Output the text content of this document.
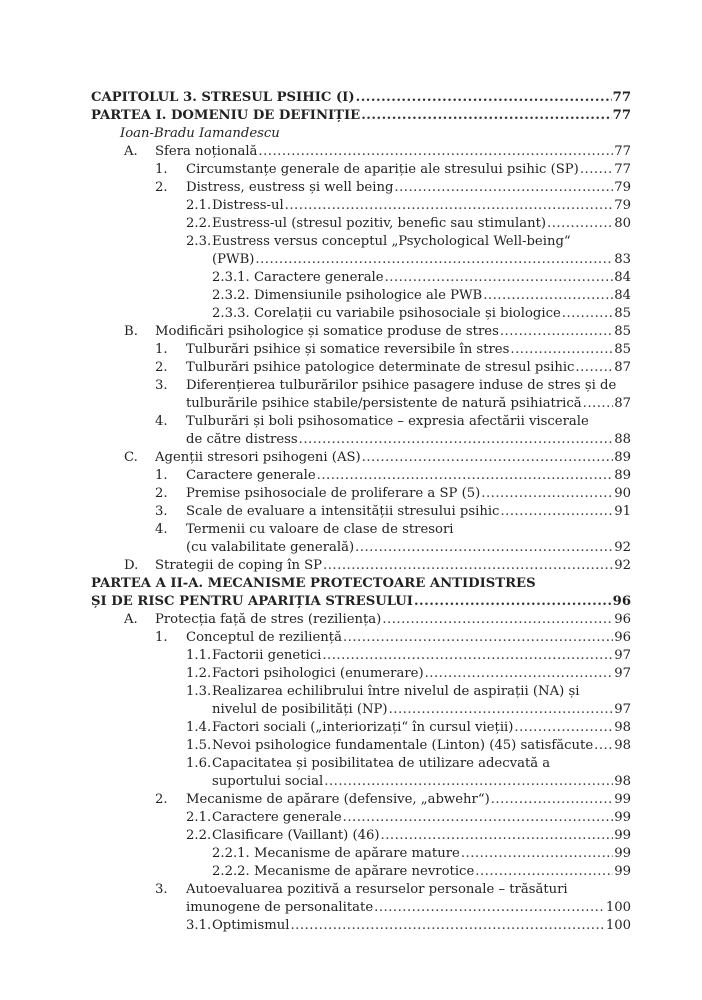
CAPITOLUL 3. STRESUL PSIHIC (I) .....	77
PARTEA I. DOMENIU DE DEFINIȚIE .....	77
Ioan-Bradu Iamandescu
A. Sfera noțională .....	77
1. Circumstanțe generale de apariție ale stresului psihic (SP) .....	77
2. Distress, eustress și well being .....	79
2.1. Distress-ul .....	79
2.2. Eustress-ul (stresul pozitiv, benefic sau stimulant) .....	80
2.3. Eustress versus conceptul „Psychological Well-being“
(PWB) .....	83
2.3.1. Caractere generale .....	84
2.3.2. Dimensiunile psihologice ale PWB .....	84
2.3.3. Corelații cu variabile psihosociale și biologice .....	85
B. Modificări psihologice și somatice produse de stres .....	85
1. Tulburări psihice și somatice reversibile în stres .....	85
2. Tulburări psihice patologice determinate de stresul psihic .....	87
3. Diferențierea tulburărilor psihice pasagere induse de stres și de
tulburările psihice stabile/persistente de natură psihiatrică ..... 87
4. Tulburări și boli psihosomatice – expresia afectării viscerale
de către distress .....	88
C. Agenții stresori psihogeni (AS) .....	89
1. Caractere generale .....	89
2. Premise psihosociale de proliferare a SP (5) .....	90
3. Scale de evaluare a intensității stresului psihic .....	91
4. Termenii cu valoare de clase de stresori
(cu valabilitate generală) .....	92
D. Strategii de coping în SP .....	92
PARTEA A II-A. MECANISME PROTECTOARE ANTIDISTRES
ȘI DE RISC PENTRU APARIȚIA STRESULUI .....	96
A. Protecția față de stres (reziliența) .....	96
1. Conceptul de reziliență .....	96
1.1. Factorii genetici .....	97
1.2. Factori psihologici (enumerare) .....	97
1.3. Realizarea echilibrului între nivelul de aspirații (NA) și
nivelul de posibilități (NP) .....	97
1.4. Factori sociali („interiorizați“ în cursul vieții) .....	98
1.5. Nevoi psihologice fundamentale (Linton) (45) satisfăcute ..... 98
1.6. Capacitatea și posibilitatea de utilizare adecvată a
suportului social .....	98
2. Mecanisme de apărare (defensive, „abwehr“) .....	99
2.1. Caractere generale .....	99
2.2. Clasificare (Vaillant) (46) .....	99
2.2.1. Mecanisme de apărare mature .....	99
2.2.2. Mecanisme de apărare nevrotice .....	99
3. Autoevaluarea pozitivă a resurselor personale – trăsături
imunogene de personalitate .....	100
3.1. Optimismul .....	100
